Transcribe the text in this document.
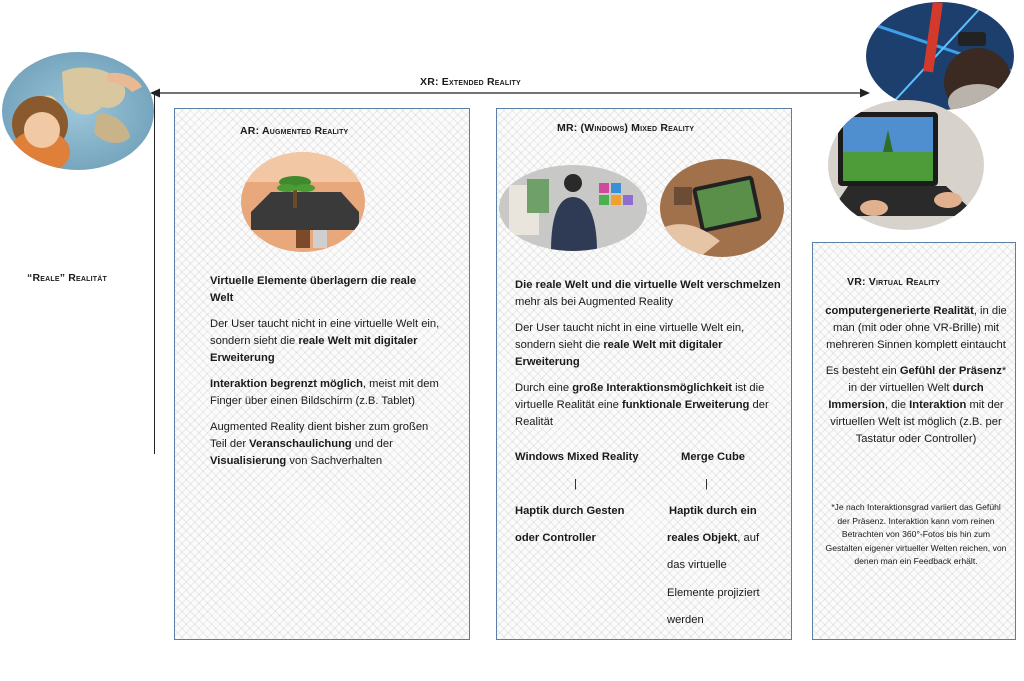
XR: Extended Reality
“Reale” Realität
AR: Augmented Reality

Virtuelle Elemente überlagern die reale Welt

Der User taucht nicht in eine virtuelle Welt ein, sondern sieht die reale Welt mit digitaler Erweiterung

Interaktion begrenzt möglich, meist mit dem Finger über einen Bildschirm (z.B. Tablet)

Augmented Reality dient bisher zum großen Teil der Veranschaulichung und der Visualisierung von Sachverhalten

MR: (Windows) Mixed Reality

Die reale Welt und die virtuelle Welt verschmelzen mehr als bei Augmented Reality

Der User taucht nicht in eine virtuelle Welt ein, sondern sieht die reale Welt mit digitaler Erweiterung

Durch eine große Interaktionsmöglichkeit ist die virtuelle Realität eine funktionale Erweiterung der Realität

Windows Mixed Reality
|
Haptik durch Gesten
oder Controller
Merge Cube
|
Haptik durch ein
reales Objekt, auf
das virtuelle
Elemente projiziert
werden
VR: Virtual Reality

computergenerierte Realität, in die man (mit oder ohne VR-Brille) mit mehreren Sinnen komplett eintaucht

Es besteht ein Gefühl der Präsenz* in der virtuellen Welt durch Immersion, die Interaktion mit der virtuellen Welt ist möglich (z.B. per Tastatur oder Controller)

*Je nach Interaktionsgrad variiert das Gefühl der Präsenz. Interaktion kann vom reinen Betrachten von 360°-Fotos bis hin zum Gestalten eigener virtueller Welten reichen, von denen man ein Feedback erhält.
